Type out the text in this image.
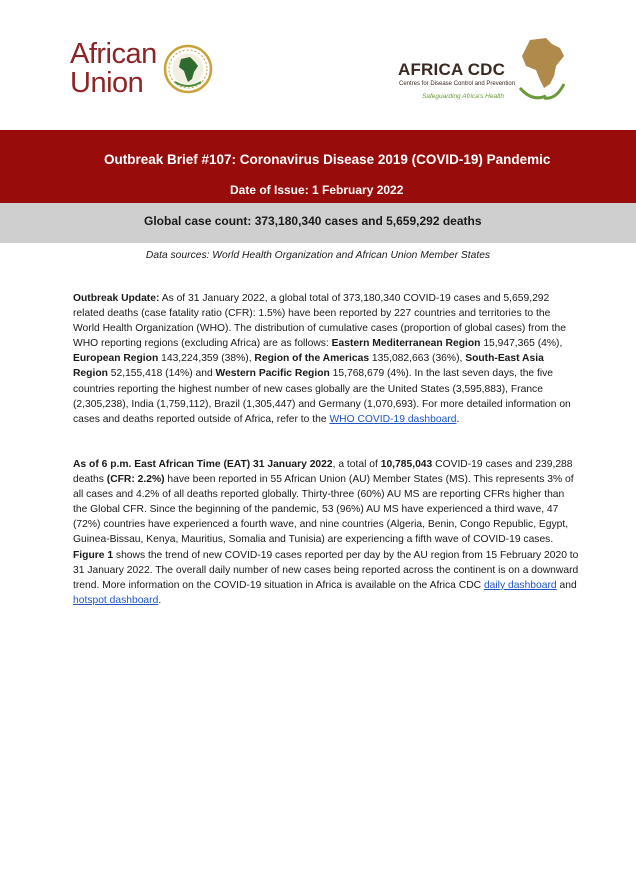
African
Union	AFRICA CDC
Centres for Disease Control and Prevention
Safeguarding Africa's Health
Outbreak Brief #107: Coronavirus Disease 2019 (COVID-19) Pandemic
Date of Issue: 1 February 2022
Global case count: 373,180,340 cases and 5,659,292 deaths
Data sources: World Health Organization and African Union Member States
Outbreak Update: As of 31 January 2022, a global total of 373,180,340 COVID-19 cases and 5,659,292 related deaths (case fatality ratio (CFR): 1.5%) have been reported by 227 countries and territories to the World Health Organization (WHO). The distribution of cumulative cases (proportion of global cases) from the WHO reporting regions (excluding Africa) are as follows: Eastern Mediterranean Region 15,947,365 (4%), European Region 143,224,359 (38%), Region of the Americas 135,082,663 (36%), South-East Asia Region 52,155,418 (14%) and Western Pacific Region 15,768,679 (4%). In the last seven days, the five countries reporting the highest number of new cases globally are the United States (3,595,883), France (2,305,238), India (1,759,112), Brazil (1,305,447) and Germany (1,070,693). For more detailed information on cases and deaths reported outside of Africa, refer to the WHO COVID-19 dashboard.
As of 6 p.m. East African Time (EAT) 31 January 2022, a total of 10,785,043 COVID-19 cases and 239,288 deaths (CFR: 2.2%) have been reported in 55 African Union (AU) Member States (MS). This represents 3% of all cases and 4.2% of all deaths reported globally. Thirty-three (60%) AU MS are reporting CFRs higher than the Global CFR. Since the beginning of the pandemic, 53 (96%) AU MS have experienced a third wave, 47 (72%) countries have experienced a fourth wave, and nine countries (Algeria, Benin, Congo Republic, Egypt, Guinea-Bissau, Kenya, Mauritius, Somalia and Tunisia) are experiencing a fifth wave of COVID-19 cases. Figure 1 shows the trend of new COVID-19 cases reported per day by the AU region from 15 February 2020 to 31 January 2022. The overall daily number of new cases being reported across the continent is on a downward trend. More information on the COVID-19 situation in Africa is available on the Africa CDC daily dashboard and hotspot dashboard.
